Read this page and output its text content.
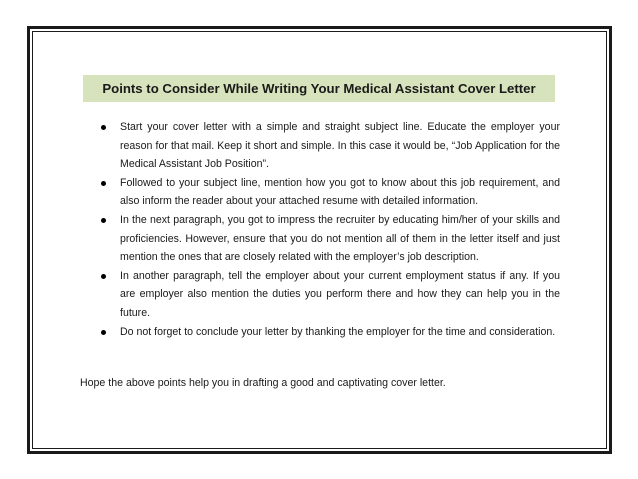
Points to Consider While Writing Your Medical Assistant Cover Letter
Start your cover letter with a simple and straight subject line. Educate the employer your reason for that mail. Keep it short and simple. In this case it would be, “Job Application for the Medical Assistant Job Position”.
Followed to your subject line, mention how you got to know about this job requirement, and also inform the reader about your attached resume with detailed information.
In the next paragraph, you got to impress the recruiter by educating him/her of your skills and proficiencies. However, ensure that you do not mention all of them in the letter itself and just mention the ones that are closely related with the employer’s job description.
In another paragraph, tell the employer about your current employment status if any. If you are employer also mention the duties you perform there and how they can help you in the future.
Do not forget to conclude your letter by thanking the employer for the time and consideration.

Hope the above points help you in drafting a good and captivating cover letter.
